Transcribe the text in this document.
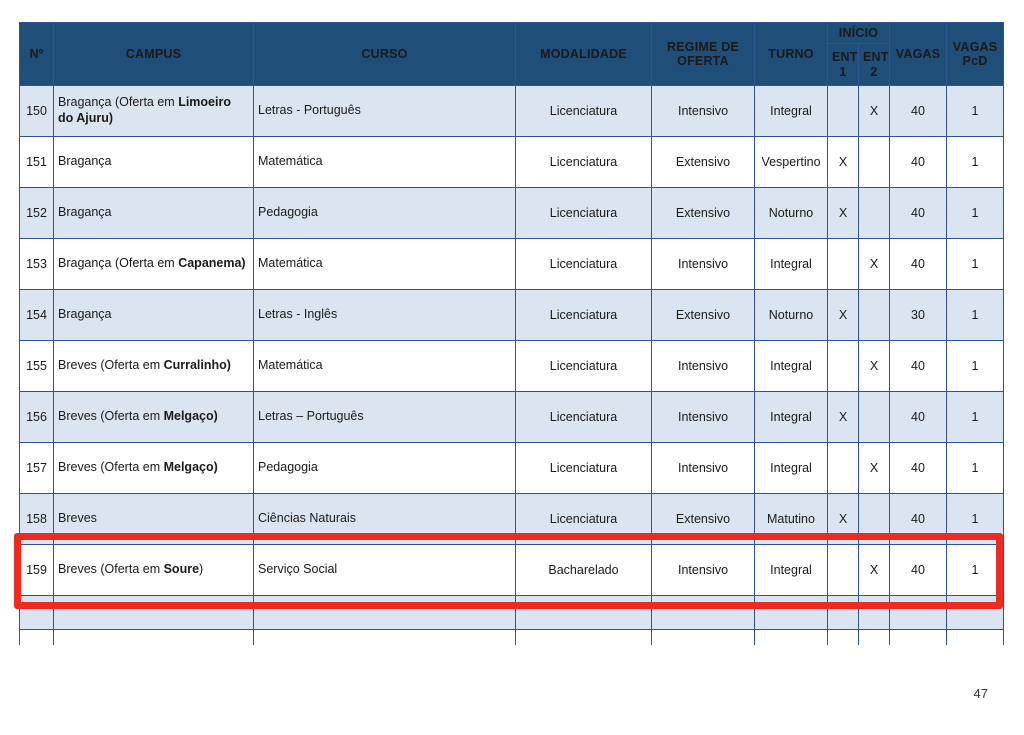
Nº	CAMPUS	CURSO	MODALIDADE	REGIME DE OFERTA	TURNO	INÍCIO		VAGAS	VAGAS PcD
						ENT 1	ENT 2		
150	Bragança (Oferta em Limoeiro do Ajuru)	Letras - Português	Licenciatura	Intensivo	Integral		X	40	1
151	Bragança	Matemática	Licenciatura	Extensivo	Vespertino	X		40	1
152	Bragança	Pedagogia	Licenciatura	Extensivo	Noturno	X		40	1
153	Bragança (Oferta em Capanema)	Matemática	Licenciatura	Intensivo	Integral		X	40	1
154	Bragança	Letras - Inglês	Licenciatura	Extensivo	Noturno	X		30	1
155	Breves (Oferta em Curralinho)	Matemática	Licenciatura	Intensivo	Integral		X	40	1
156	Breves (Oferta em Melgaço)	Letras – Português	Licenciatura	Intensivo	Integral	X		40	1
157	Breves (Oferta em Melgaço)	Pedagogia	Licenciatura	Intensivo	Integral		X	40	1
158	Breves	Ciências Naturais	Licenciatura	Extensivo	Matutino	X		40	1
159	Breves (Oferta em Soure)	Serviço Social	Bacharelado	Intensivo	Integral		X	40	1

47
